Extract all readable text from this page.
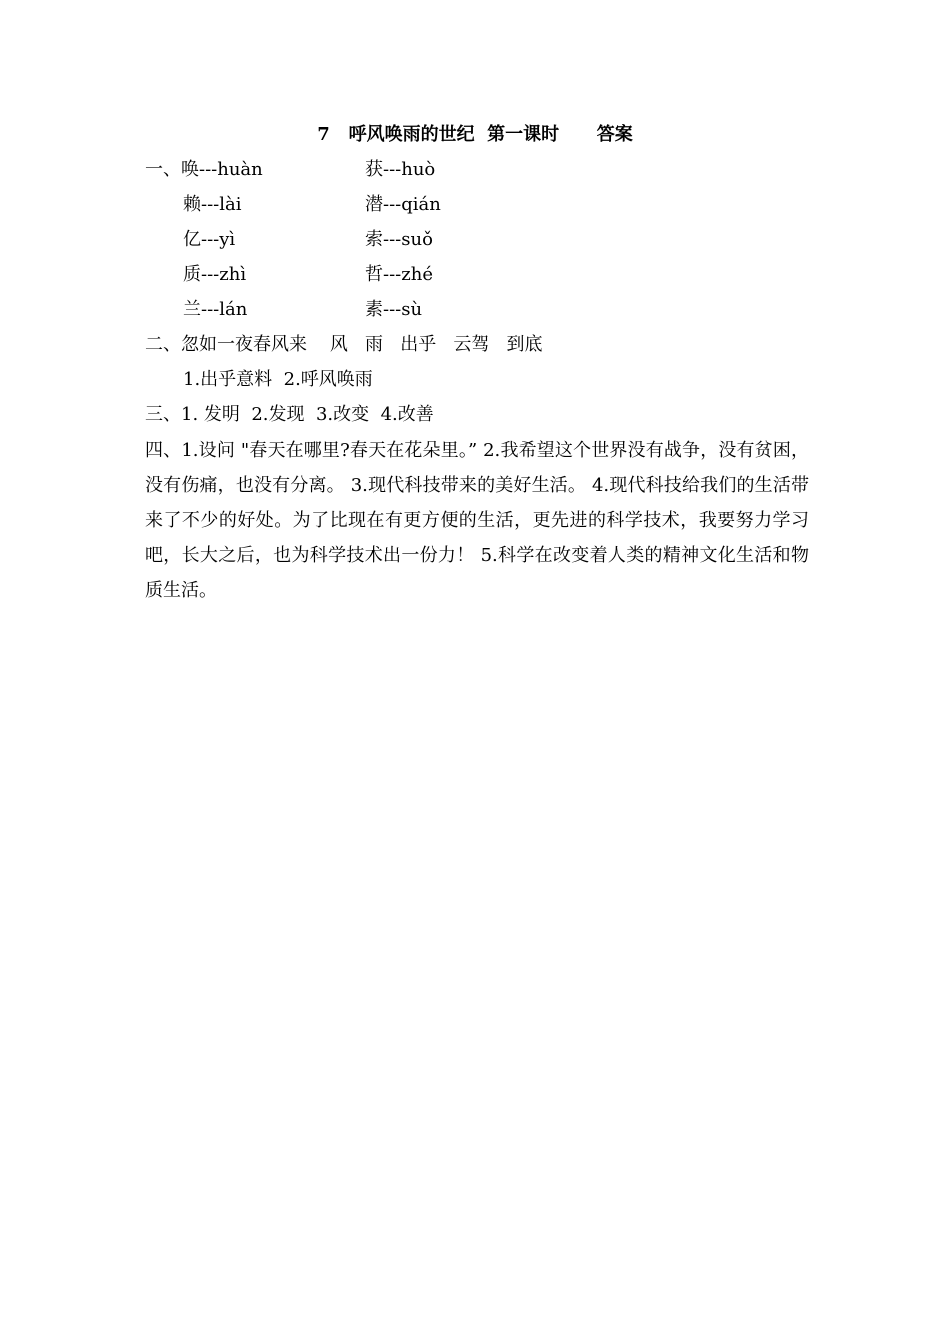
7   呼风唤雨的世纪  第一课时      答案
一、唤---huàn	获---huò
赖---lài	潜---qián
亿---yì	索---suǒ
质---zhì	哲---zhé
兰---lán	素---sù
二、忽如一夜春风来    风   雨   出乎   云驾   到底
1.出乎意料  2.呼风唤雨
三、1. 发明  2.发现  3.改变  4.改善
四、1.设问 "春天在哪里?春天在花朵里。” 2.我希望这个世界没有战争，没有贫困，没有伤痛，也没有分离。 3.现代科技带来的美好生活。 4.现代科技给我们的生活带来了不少的好处。为了比现在有更方便的生活，更先进的科学技术，我要努力学习吧，长大之后，也为科学技术出一份力！ 5.科学在改变着人类的精神文化生活和物质生活。
